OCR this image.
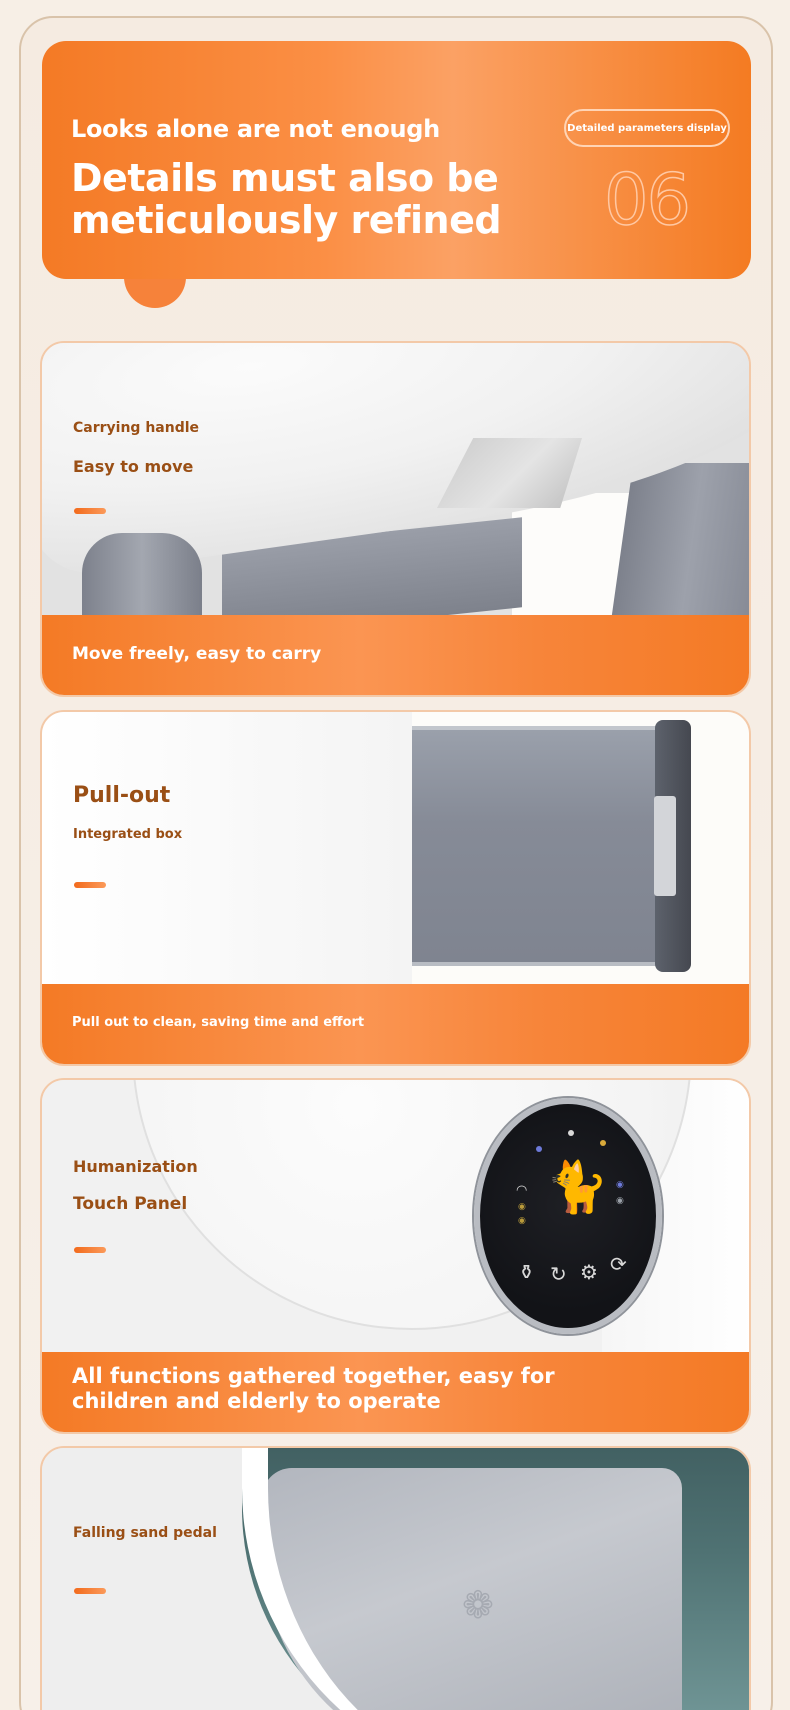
Looks alone are not enough
Details must also be meticulously refined
Detailed parameters display
06
Carrying handle
Easy to move
Move freely, easy to carry
Pull-out
Integrated box
Pull out to clean, saving time and effort
◠
◉
◉
🐈 ◉
◉
⚱ ↻ ⚙ ⟳
Humanization
Touch Panel
All functions gathered together, easy for children and elderly to operate
❁
Falling sand pedal
